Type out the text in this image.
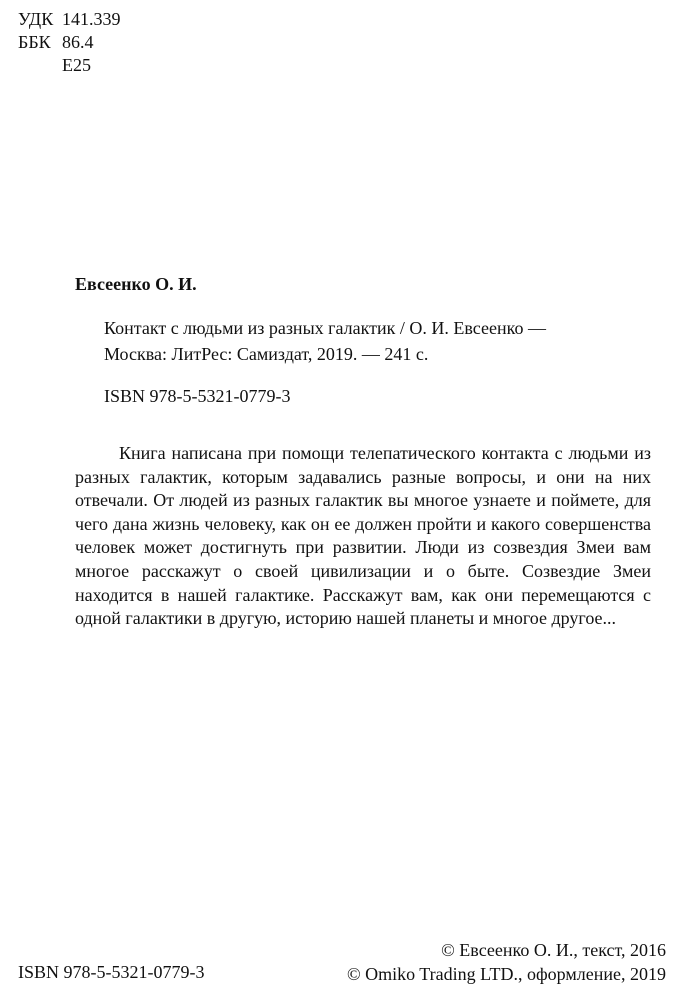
УДК 141.339
ББК 86.4
Е25
Евсеенко О. И.
Контакт с людьми из разных галактик / О. И. Евсеенко —
Москва: ЛитРес: Самиздат, 2019. — 241 с.
ISBN 978-5-5321-0779-3

Книга написана при помощи телепатического контакта с людьми из разных галактик, которым задавались разные вопросы, и они на них отвечали. От людей из разных галактик вы многое узнаете и поймете, для чего дана жизнь человеку, как он ее должен пройти и какого совершенства человек может достигнуть при развитии. Люди из созвездия Змеи вам многое расскажут о своей цивилизации и о быте. Созвездие Змеи находится в нашей галактике. Расскажут вам, как они перемещаются с одной галактики в другую, историю нашей планеты и многое другое...

ISBN 978-5-5321-0779-3
© Евсеенко О. И., текст, 2016
© Omiko Trading LTD., оформление, 2019
